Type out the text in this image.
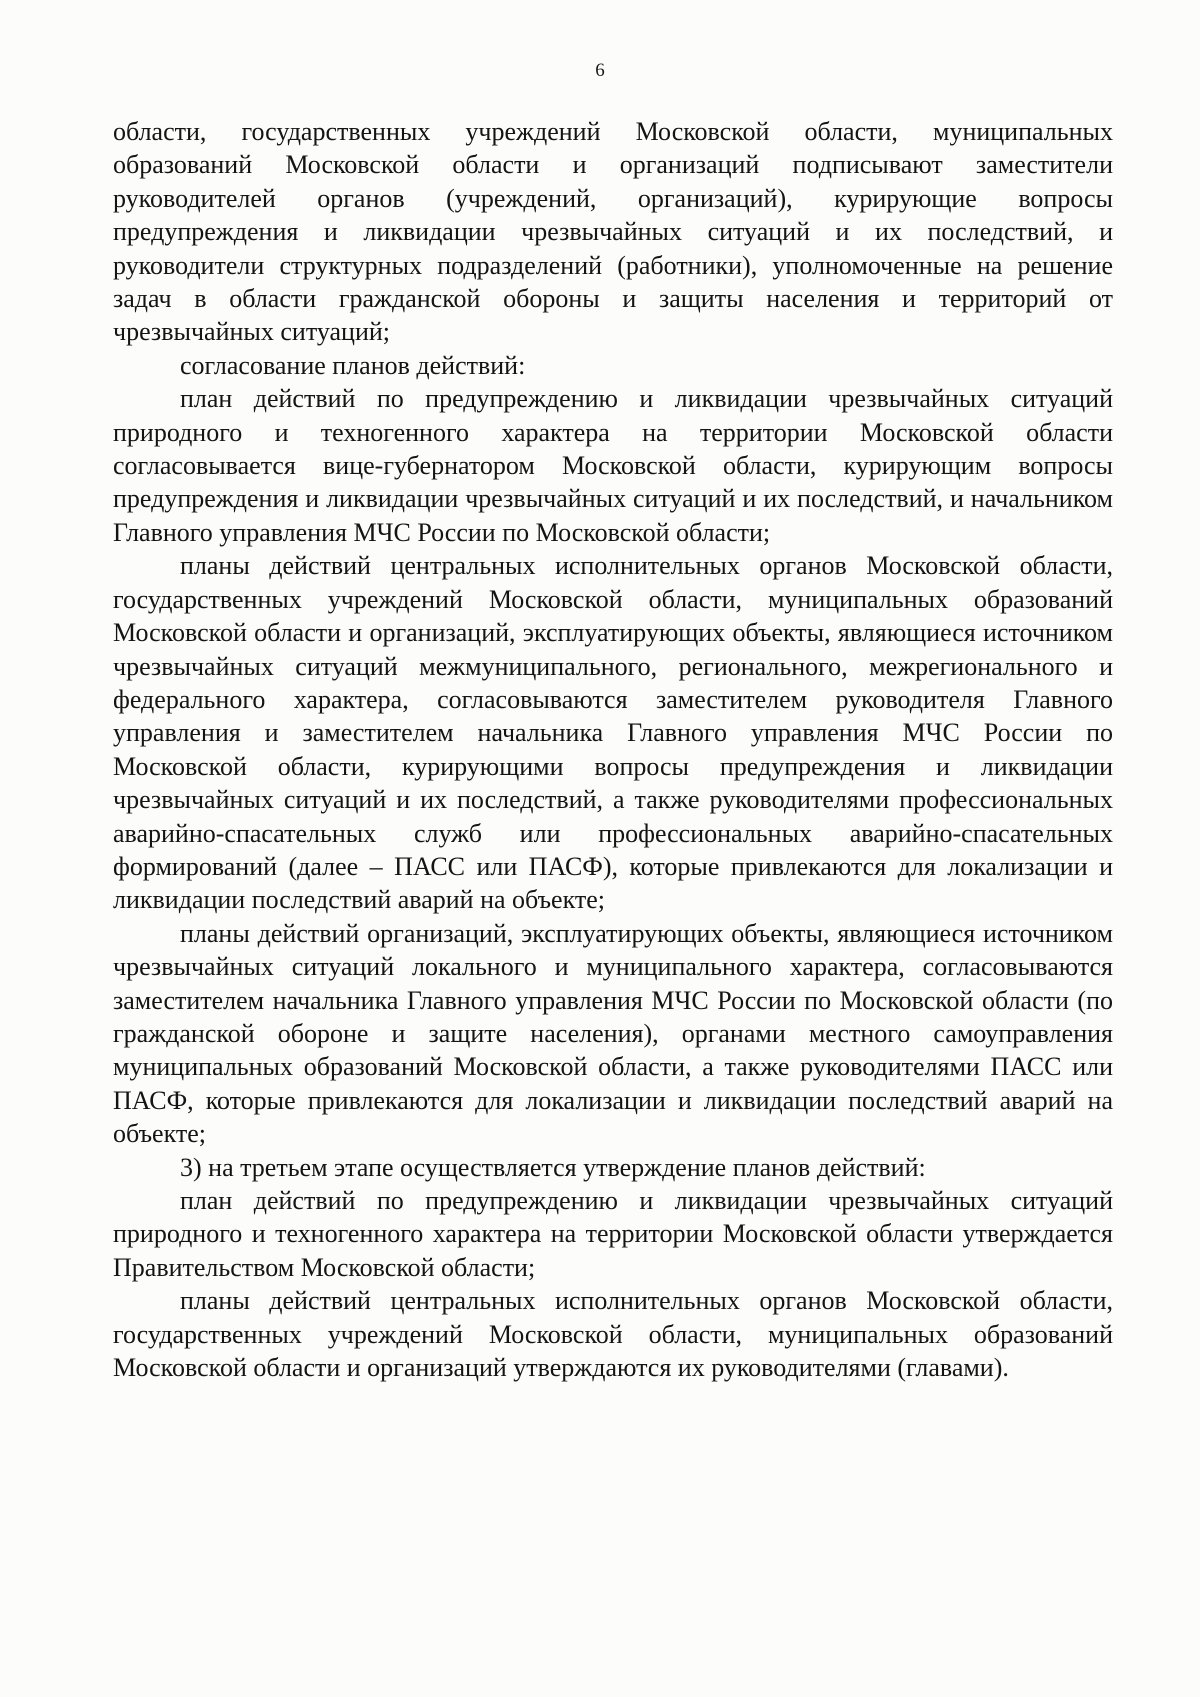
6

области, государственных учреждений Московской области, муниципальных образований Московской области и организаций подписывают заместители руководителей органов (учреждений, организаций), курирующие вопросы предупреждения и ликвидации чрезвычайных ситуаций и их последствий, и руководители структурных подразделений (работники), уполномоченные на решение задач в области гражданской обороны и защиты населения и территорий от чрезвычайных ситуаций;

согласование планов действий:

план действий по предупреждению и ликвидации чрезвычайных ситуаций природного и техногенного характера на территории Московской области согласовывается вице-губернатором Московской области, курирующим вопросы предупреждения и ликвидации чрезвычайных ситуаций и их последствий, и начальником Главного управления МЧС России по Московской области;

планы действий центральных исполнительных органов Московской области, государственных учреждений Московской области, муниципальных образований Московской области и организаций, эксплуатирующих объекты, являющиеся источником чрезвычайных ситуаций межмуниципального, регионального, межрегионального и федерального характера, согласовываются заместителем руководителя Главного управления и заместителем начальника Главного управления МЧС России по Московской области, курирующими вопросы предупреждения и ликвидации чрезвычайных ситуаций и их последствий, а также руководителями профессиональных аварийно-спасательных служб или профессиональных аварийно-спасательных формирований (далее – ПАСС или ПАСФ), которые привлекаются для локализации и ликвидации последствий аварий на объекте;

планы действий организаций, эксплуатирующих объекты, являющиеся источником чрезвычайных ситуаций локального и муниципального характера, согласовываются заместителем начальника Главного управления МЧС России по Московской области (по гражданской обороне и защите населения), органами местного самоуправления муниципальных образований Московской области, а также руководителями ПАСС или ПАСФ, которые привлекаются для локализации и ликвидации последствий аварий на объекте;

3) на третьем этапе осуществляется утверждение планов действий:

план действий по предупреждению и ликвидации чрезвычайных ситуаций природного и техногенного характера на территории Московской области утверждается Правительством Московской области;

планы действий центральных исполнительных органов Московской области, государственных учреждений Московской области, муниципальных образований Московской области и организаций утверждаются их руководителями (главами).
